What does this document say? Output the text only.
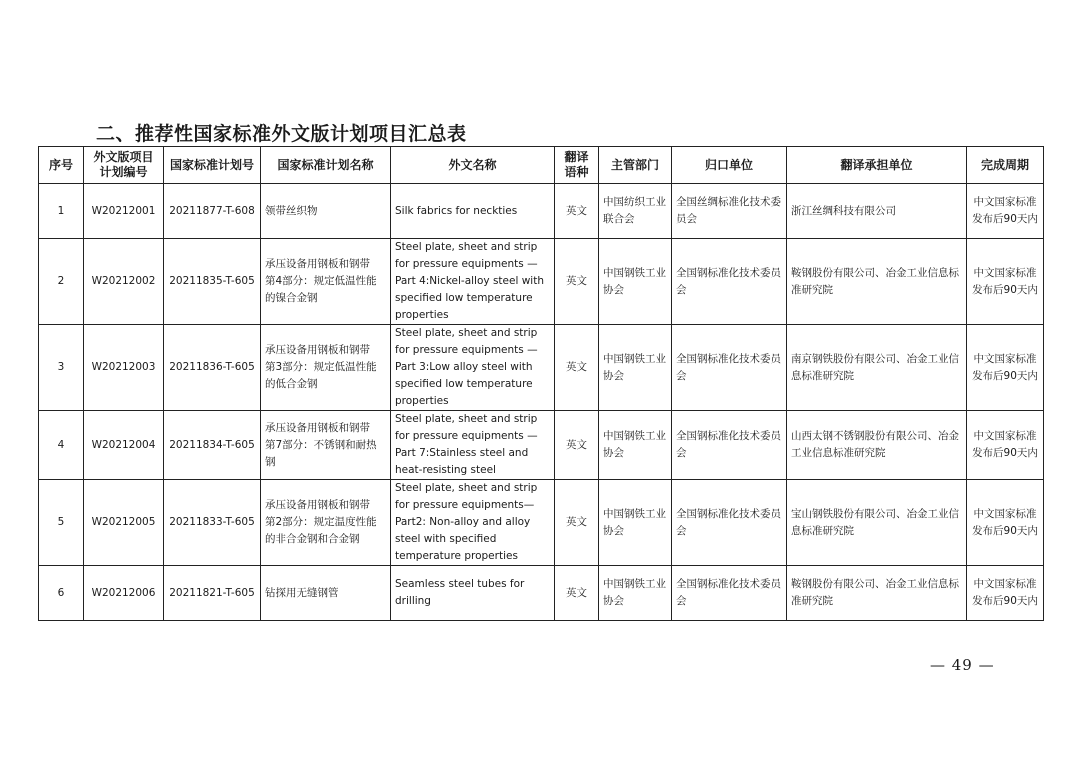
二、推荐性国家标准外文版计划项目汇总表
序号	外文版项目计划编号	国家标准计划号	国家标准计划名称	外文名称	翻译语种	主管部门	归口单位	翻译承担单位	完成周期
1	W20212001	20211877-T-608	领带丝织物	Silk fabrics for neckties	英文	中国纺织工业联合会	全国丝绸标准化技术委员会	浙江丝绸科技有限公司	中文国家标准发布后90天内
2	W20212002	20211835-T-605	承压设备用钢板和钢带　第4部分：规定低温性能的镍合金钢	Steel plate, sheet and strip for pressure equipments — Part 4:Nickel-alloy steel with specified low temperature properties	英文	中国钢铁工业协会	全国钢标准化技术委员会	鞍钢股份有限公司、冶金工业信息标准研究院	中文国家标准发布后90天内
3	W20212003	20211836-T-605	承压设备用钢板和钢带　第3部分：规定低温性能的低合金钢	Steel plate, sheet and strip for pressure equipments — Part 3:Low alloy steel with specified low temperature properties	英文	中国钢铁工业协会	全国钢标准化技术委员会	南京钢铁股份有限公司、冶金工业信息标准研究院	中文国家标准发布后90天内
4	W20212004	20211834-T-605	承压设备用钢板和钢带　第7部分：不锈钢和耐热钢	Steel plate, sheet and strip for pressure equipments — Part 7:Stainless steel and heat-resisting steel	英文	中国钢铁工业协会	全国钢标准化技术委员会	山西太钢不锈钢股份有限公司、冶金工业信息标准研究院	中文国家标准发布后90天内
5	W20212005	20211833-T-605	承压设备用钢板和钢带　第2部分：规定温度性能的非合金钢和合金钢	Steel plate, sheet and strip for pressure equipments— Part2: Non-alloy and alloy steel with specified temperature properties	英文	中国钢铁工业协会	全国钢标准化技术委员会	宝山钢铁股份有限公司、冶金工业信息标准研究院	中文国家标准发布后90天内
6	W20212006	20211821-T-605	钻探用无缝钢管	Seamless steel tubes for drilling	英文	中国钢铁工业协会	全国钢标准化技术委员会	鞍钢股份有限公司、冶金工业信息标准研究院	中文国家标准发布后90天内
— 49 —
